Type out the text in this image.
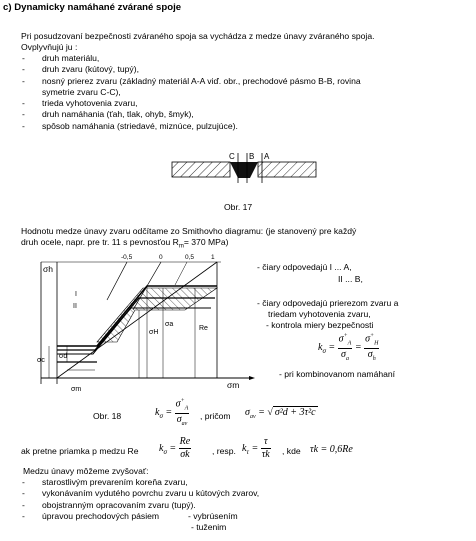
c) Dynamicky namáhané zvárané spoje
Pri posudzovaní bezpečnosti zváraného spoja sa vychádza z medze únavy zváraného spoja.
Ovplyvňujú ju :
- druh materiálu,
- druh zvaru (kútový, tupý),
- nosný prierez zvaru (základný materiál A-A viď. obr., prechodové pásmo B-B, rovina
symetrie zvaru C-C),
- trieda vyhotovenia zvaru,
- druh namáhania (ťah, tlak, ohyb, šmyk),
- spôsob namáhania (striedavé, miznúce, pulzujúce).
C B A
Obr. 17
Hodnotu medze únavy zvaru odčítame zo Smithovho diagramu: (je stanovený pre každý
druh ocele, napr. pre tr. 11 s pevnosťou $R_m= 370$ MPa)
-0,5	0	0,5	1
σh
I
II
Re
σa
σH
σc
σd
σm	σm
- čiary odpovedajú I ... A,
II ... B,
- čiary odpovedajú prierezom zvaru a
triedam vyhotovenia zvaru,
- kontrola miery bezpečnosti
$k_\sigma = \frac{\sigma^+_A}{\sigma_a} = \frac{\sigma^+_H}{\sigma_h}$
- pri kombinovanom namáhaní
Obr. 18	$k_\sigma$ =
$\sigma^+_A$
$\sigma_{av}$
, pričom $\sigma_{av}$ = √ σ²d + 3τ²c
ak pretne priamka p medzu Re $k_\sigma = \frac{Re}{\sigma k}$ , resp. $k_\tau = \frac{\tau}{\tau k}$ , kde τk = 0,6Re
Medzu únavy môžeme zvyšovať:
- starostlivým prevarením koreňa zvaru,
- vykonávaním vydutého povrchu zvaru u kútových zvarov,
- obojstranným opracovaním zvaru (tupý).
- úpravou prechodových pásiem	- vybrúsením
- tuženim
